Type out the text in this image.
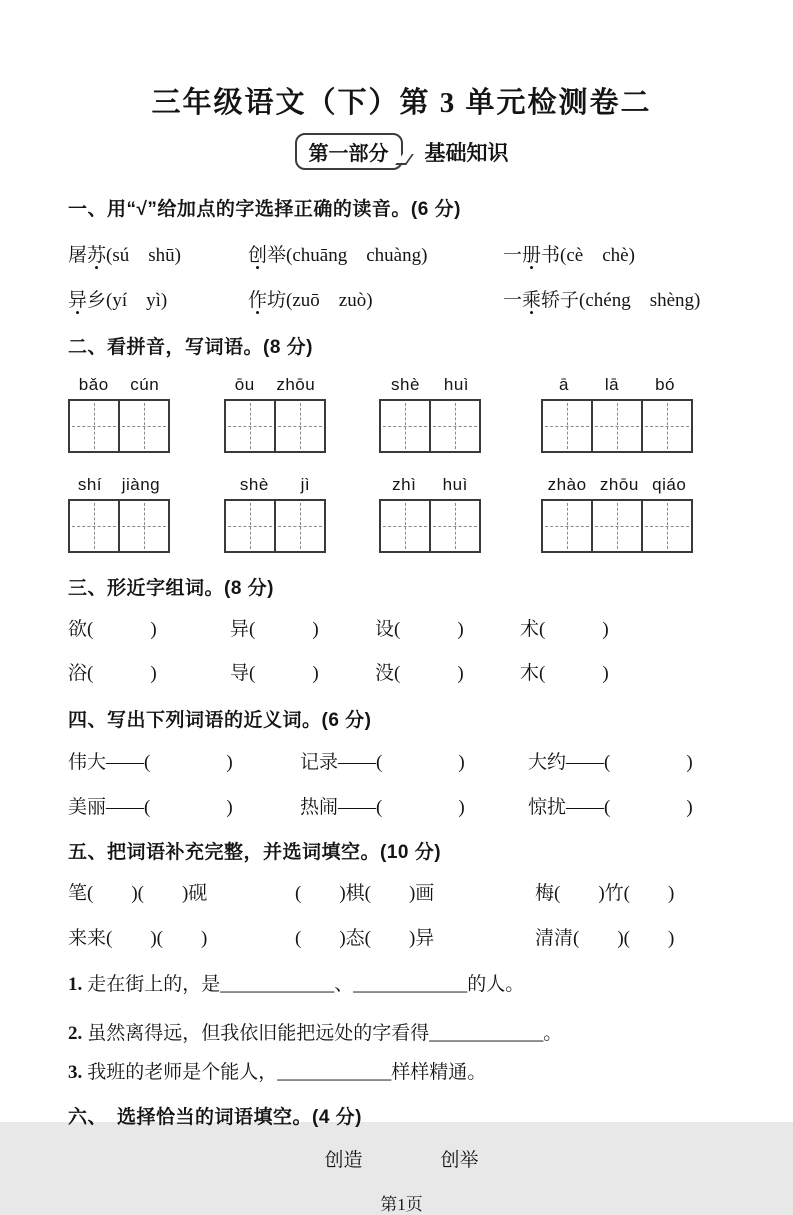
三年级语文（下）第 3 单元检测卷二
第一部分	基础知识
一、用“√”给加点的字选择正确的读音。(6 分)
屠苏(sú　shū)	创举(chuāng　chuàng)	一册书(cè　chè)
异乡(yí　yì)	作坊(zuō　zuò)	一乘轿子(chéng　shèng)
二、看拼音，写词语。(8 分)
bǎo cún	ōu zhōu	shè huì	ā lā bó
shí jiàng	shè jì	zhì huì	zhào zhōu qiáo
三、形近字组词。(8 分)
欲(　　　)	异(　　　)	设(　　　)	术(　　　)
浴(　　　)	导(　　　)	没(　　　)	木(　　　)
四、写出下列词语的近义词。(6 分)
伟大——(　　　　)	记录——(　　　　)	大约——(　　　　)
美丽——(　　　　)	热闹——(　　　　)	惊扰——(　　　　)
五、把词语补充完整，并选词填空。(10 分)
笔(　　)(　　)砚	(　　)棋(　　)画	梅(　　)竹(　　)
来来(　　)(　　)	(　　)态(　　)异	清清(　　)(　　)

1. 走在街上的，是____________、____________的人。

2. 虽然离得远，但我依旧能把远处的字看得____________。

3. 我班的老师是个能人，____________样样精通。

六、　选择恰当的词语填空。(4 分)
创造	创举
第1页
